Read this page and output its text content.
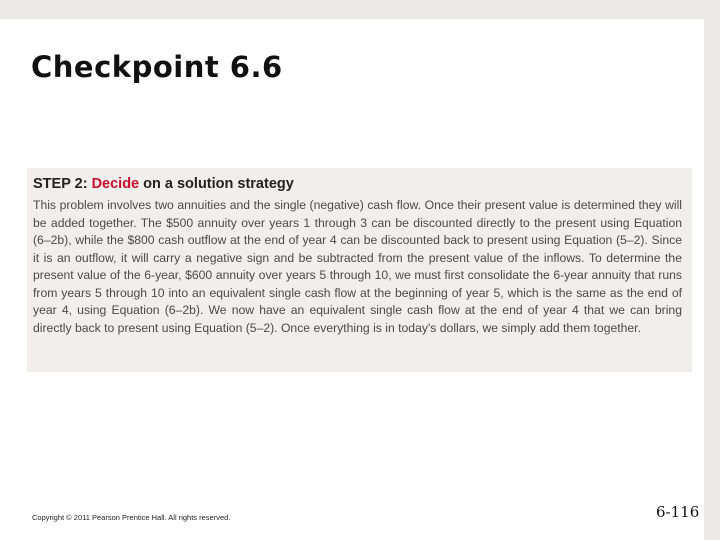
Checkpoint 6.6

STEP 2: Decide on a solution strategy

This problem involves two annuities and the single (negative) cash flow. Once their present value is determined they will be added together. The $500 annuity over years 1 through 3 can be discounted directly to the present using Equation (6–2b), while the $800 cash outflow at the end of year 4 can be discounted back to present using Equation (5–2). Since it is an outflow, it will carry a negative sign and be subtracted from the present value of the inflows. To determine the present value of the 6-year, $600 annuity over years 5 through 10, we must first consolidate the 6-year annuity that runs from years 5 through 10 into an equivalent single cash flow at the beginning of year 5, which is the same as the end of year 4, using Equation (6–2b). We now have an equivalent single cash flow at the end of year 4 that we can bring directly back to present using Equation (5–2). Once everything is in today's dollars, we simply add them together.

Copyright © 2011 Pearson Prentice Hall. All rights reserved.	6-116
